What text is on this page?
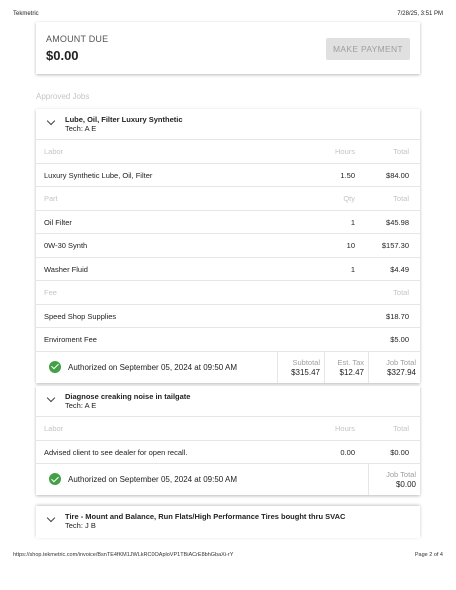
Tekmetric	7/28/25, 3:51 PM
AMOUNT DUE
$0.00	MAKE PAYMENT
Approved Jobs
Lube, Oil, Filter Luxury Synthetic
Tech: A E
Labor	Hours	Total
Luxury Synthetic Lube, Oil, Filter	1.50	$84.00
Part	Qty	Total
Oil Filter	1	$45.98
0W-30 Synth	10	$157.30
Washer Fluid	1	$4.49
Fee	Total
Speed Shop Supplies	$18.70
Enviroment Fee	$5.00
Authorized on September 05, 2024 at 09:50 AM
Subtotal
$315.47
Est. Tax
$12.47
Job Total
$327.94
Diagnose creaking noise in tailgate
Tech: A E
Labor	Hours	Total
Advised client to see dealer for open recall.	0.00	$0.00
Authorized on September 05, 2024 at 09:50 AM
Job Total
$0.00
Tire - Mount and Balance, Run Flats/High Performance Tires bought thru SVAC
Tech: J B
https://shop.tekmetric.com/invoice/BsnTE4fKM1JWLkRC0OAploVP1TBiACrE8bhGbaXi-rY	Page 2 of 4
